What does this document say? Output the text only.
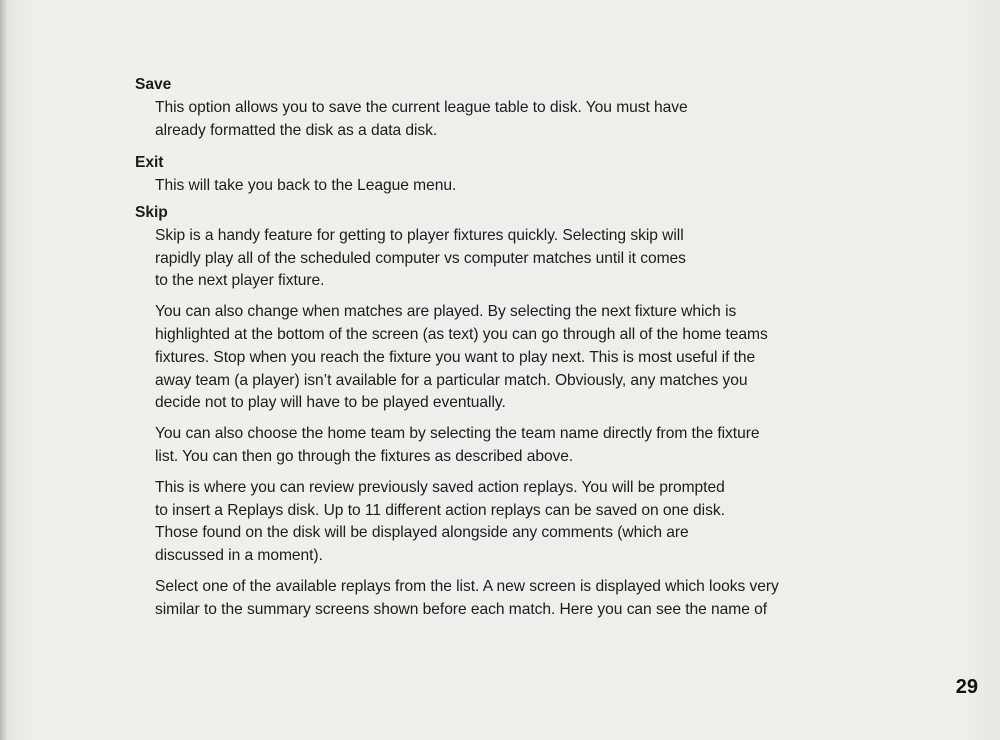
Save

This option allows you to save the current league table to disk. You must have
already formatted the disk as a data disk.

Exit

This will take you back to the League menu.

Skip

Skip is a handy feature for getting to player fixtures quickly. Selecting skip will
rapidly play all of the scheduled computer vs computer matches until it comes
to the next player fixture.
You can also change when matches are played. By selecting the next fixture which is
highlighted at the bottom of the screen (as text) you can go through all of the home teams
fixtures. Stop when you reach the fixture you want to play next. This is most useful if the
away team (a player) isn’t available for a particular match. Obviously, any matches you
decide not to play will have to be played eventually.
You can also choose the home team by selecting the team name directly from the fixture
list. You can then go through the fixtures as described above.
This is where you can review previously saved action replays. You will be prompted
to insert a Replays disk. Up to 11 different action replays can be saved on one disk.
Those found on the disk will be displayed alongside any comments (which are
discussed in a moment).
Select one of the available replays from the list. A new screen is displayed which looks very
similar to the summary screens shown before each match. Here you can see the name of
29
